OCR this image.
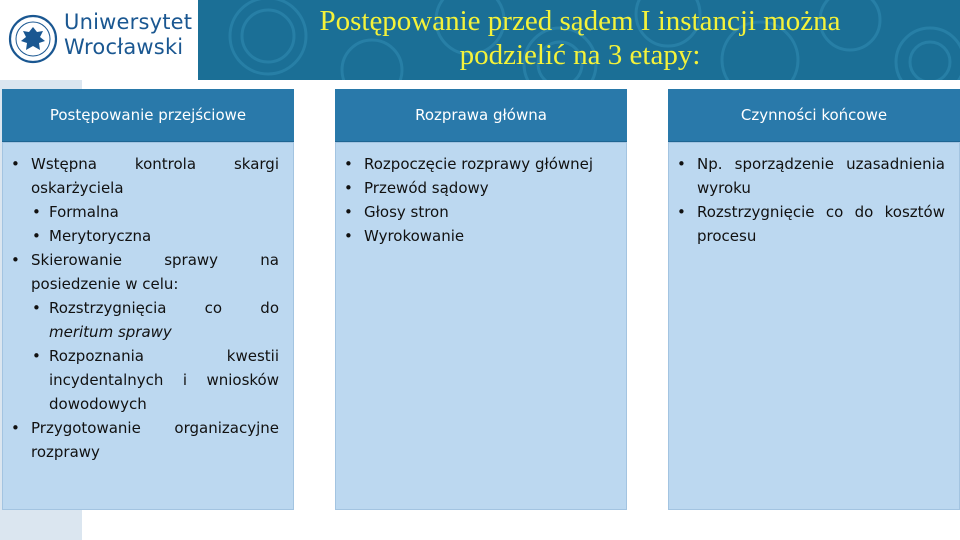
Uniwersytet
Wrocławski
Postępowanie przed sądem I instancji można
podzielić na 3 etapy:
Postępowanie przejściowe
• Wstępna kontrola skargi oskarżyciela
• Formalna
• Merytoryczna
• Skierowanie sprawy na posiedzenie w celu:
• Rozstrzygnięcia co do meritum sprawy
• Rozpoznania kwestii incydentalnych i wniosków dowodowych
• Przygotowanie organizacyjne rozprawy
Rozprawa główna
• Rozpoczęcie rozprawy głównej
• Przewód sądowy
• Głosy stron
• Wyrokowanie
Czynności końcowe
• Np. sporządzenie uzasadnienia wyroku
• Rozstrzygnięcie co do kosztów procesu
